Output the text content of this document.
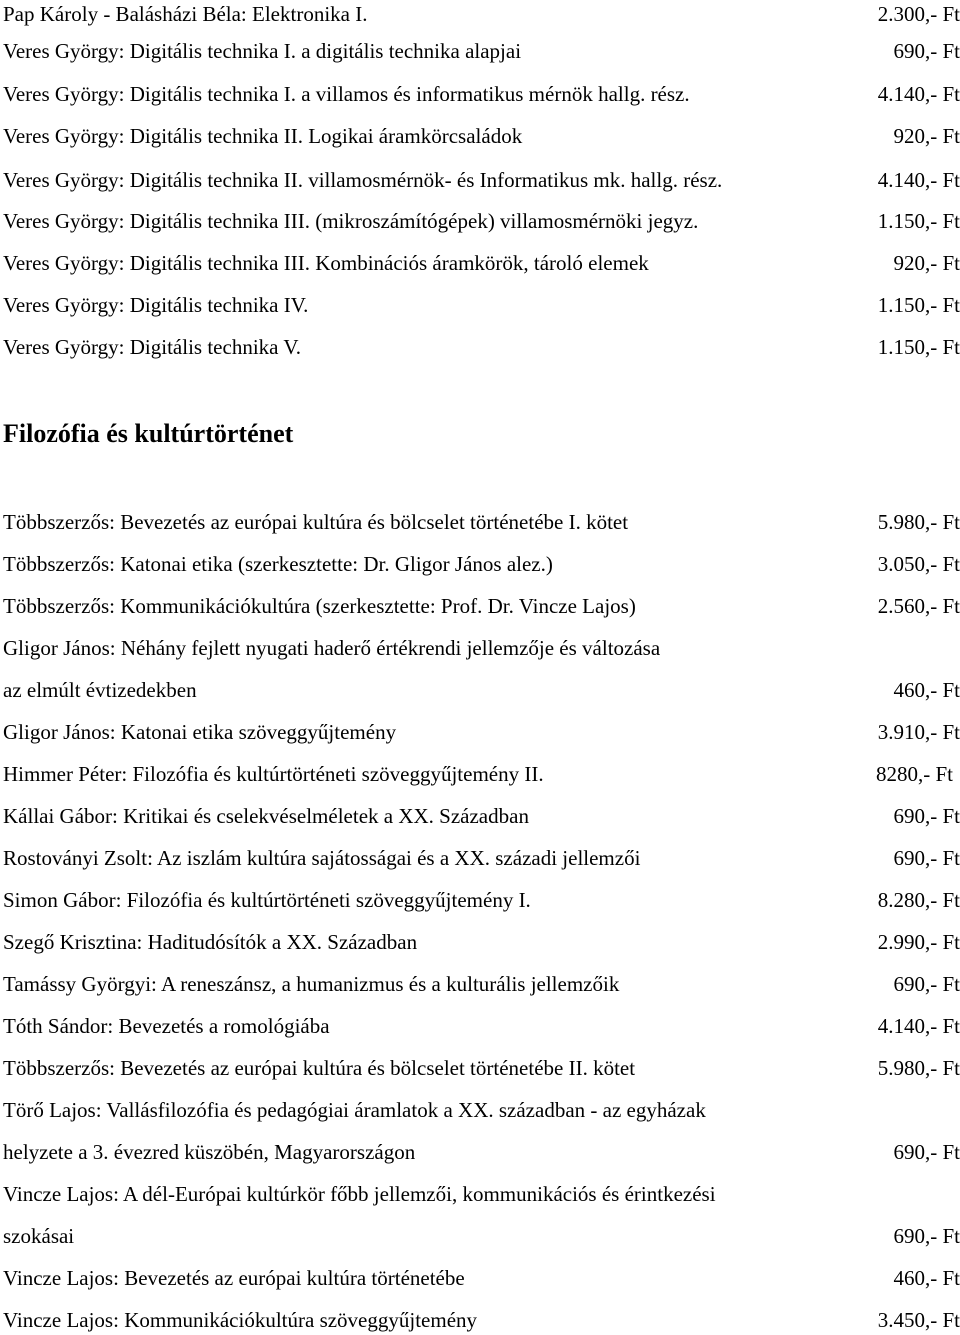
Pap Károly - Balásházi Béla: Elektronika I.	2.300,- Ft
Veres György: Digitális technika I. a digitális technika alapjai	690,- Ft
Veres György: Digitális technika I. a villamos és informatikus mérnök hallg. rész.	4.140,- Ft
Veres György: Digitális technika II. Logikai áramkörcsaládok	920,- Ft
Veres György: Digitális technika II. villamosmérnök- és Informatikus mk. hallg. rész.	4.140,- Ft
Veres György: Digitális technika III. (mikroszámítógépek) villamosmérnöki jegyz.	1.150,- Ft
Veres György: Digitális technika III. Kombinációs áramkörök, tároló elemek	920,- Ft
Veres György: Digitális technika IV.	1.150,- Ft
Veres György: Digitális technika V.	1.150,- Ft
Filozófia és kultúrtörténet
Többszerzős: Bevezetés az európai kultúra és bölcselet történetébe I. kötet	5.980,- Ft
Többszerzős: Katonai etika (szerkesztette: Dr. Gligor János alez.)	3.050,- Ft
Többszerzős: Kommunikációkultúra (szerkesztette: Prof. Dr. Vincze Lajos)	2.560,- Ft
Gligor János: Néhány fejlett nyugati haderő értékrendi jellemzője és változása
az elmúlt évtizedekben	460,- Ft
Gligor János: Katonai etika szöveggyűjtemény	3.910,- Ft
Himmer Péter: Filozófia és kultúrtörténeti szöveggyűjtemény II.	8280,- Ft
Kállai Gábor: Kritikai és cselekvéselméletek a XX. Században	690,- Ft
Rostoványi Zsolt: Az iszlám kultúra sajátosságai és a XX. századi jellemzői	690,- Ft
Simon Gábor: Filozófia és kultúrtörténeti szöveggyűjtemény I.	8.280,- Ft
Szegő Krisztina: Haditudósítók a XX. Században	2.990,- Ft
Tamássy Györgyi: A reneszánsz, a humanizmus és a kulturális jellemzőik	690,- Ft
Tóth Sándor: Bevezetés a romológiába	4.140,- Ft
Többszerzős: Bevezetés az európai kultúra és bölcselet történetébe II. kötet	5.980,- Ft
Törő Lajos: Vallásfilozófia és pedagógiai áramlatok a XX. században - az egyházak
helyzete a 3. évezred küszöbén, Magyarországon	690,- Ft
Vincze Lajos: A dél-Európai kultúrkör főbb jellemzői, kommunikációs és érintkezési
szokásai	690,- Ft
Vincze Lajos: Bevezetés az európai kultúra történetébe	460,- Ft
Vincze Lajos: Kommunikációkultúra szöveggyűjtemény	3.450,- Ft
